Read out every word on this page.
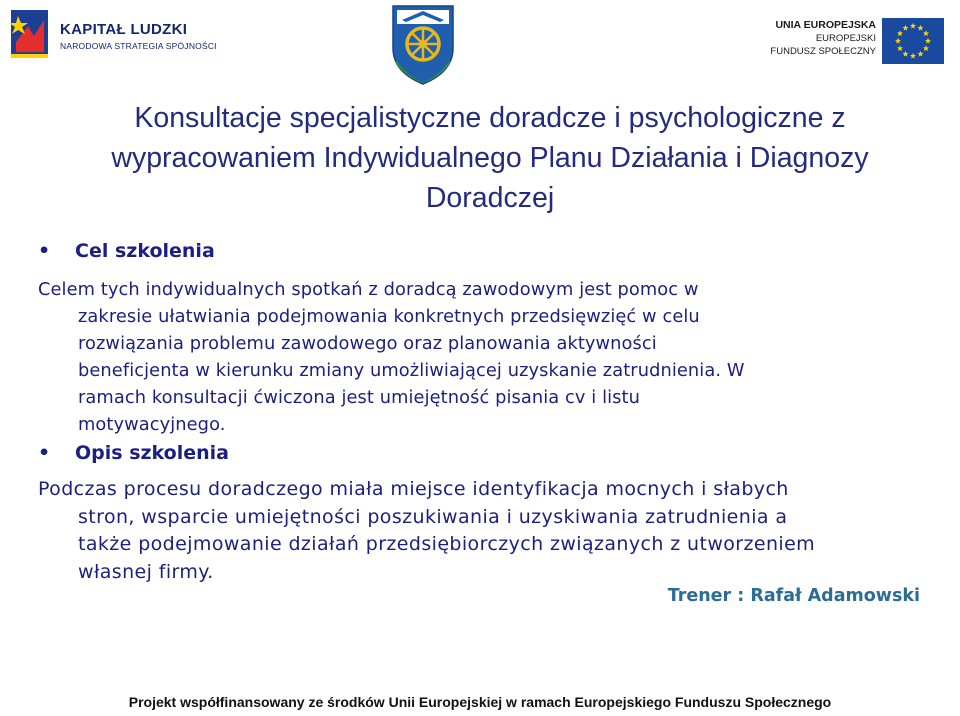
KAPITAŁ LUDZKI
NARODOWA STRATEGIA SPÓJNOŚCI
UNIA EUROPEJSKA
EUROPEJSKI
FUNDUSZ SPOŁECZNY
Konsultacje specjalistyczne doradcze i psychologiczne z
wypracowaniem Indywidualnego Planu Działania i Diagnozy
Doradczej
• Cel szkolenia
Celem tych indywidualnych spotkań z doradcą zawodowym jest pomoc w
zakresie ułatwiania podejmowania konkretnych przedsięwzięć w celu
rozwiązania problemu zawodowego oraz planowania aktywności
beneficjenta w kierunku zmiany umożliwiającej uzyskanie zatrudnienia. W
ramach konsultacji ćwiczona jest umiejętność pisania cv i listu
motywacyjnego.
• Opis szkolenia
Podczas procesu doradczego miała miejsce identyfikacja mocnych i słabych
stron, wsparcie umiejętności poszukiwania i uzyskiwania zatrudnienia a
także podejmowanie działań przedsiębiorczych związanych z utworzeniem
własnej firmy.
Trener : Rafał Adamowski
Projekt współfinansowany ze środków Unii Europejskiej w ramach Europejskiego Funduszu Społecznego
